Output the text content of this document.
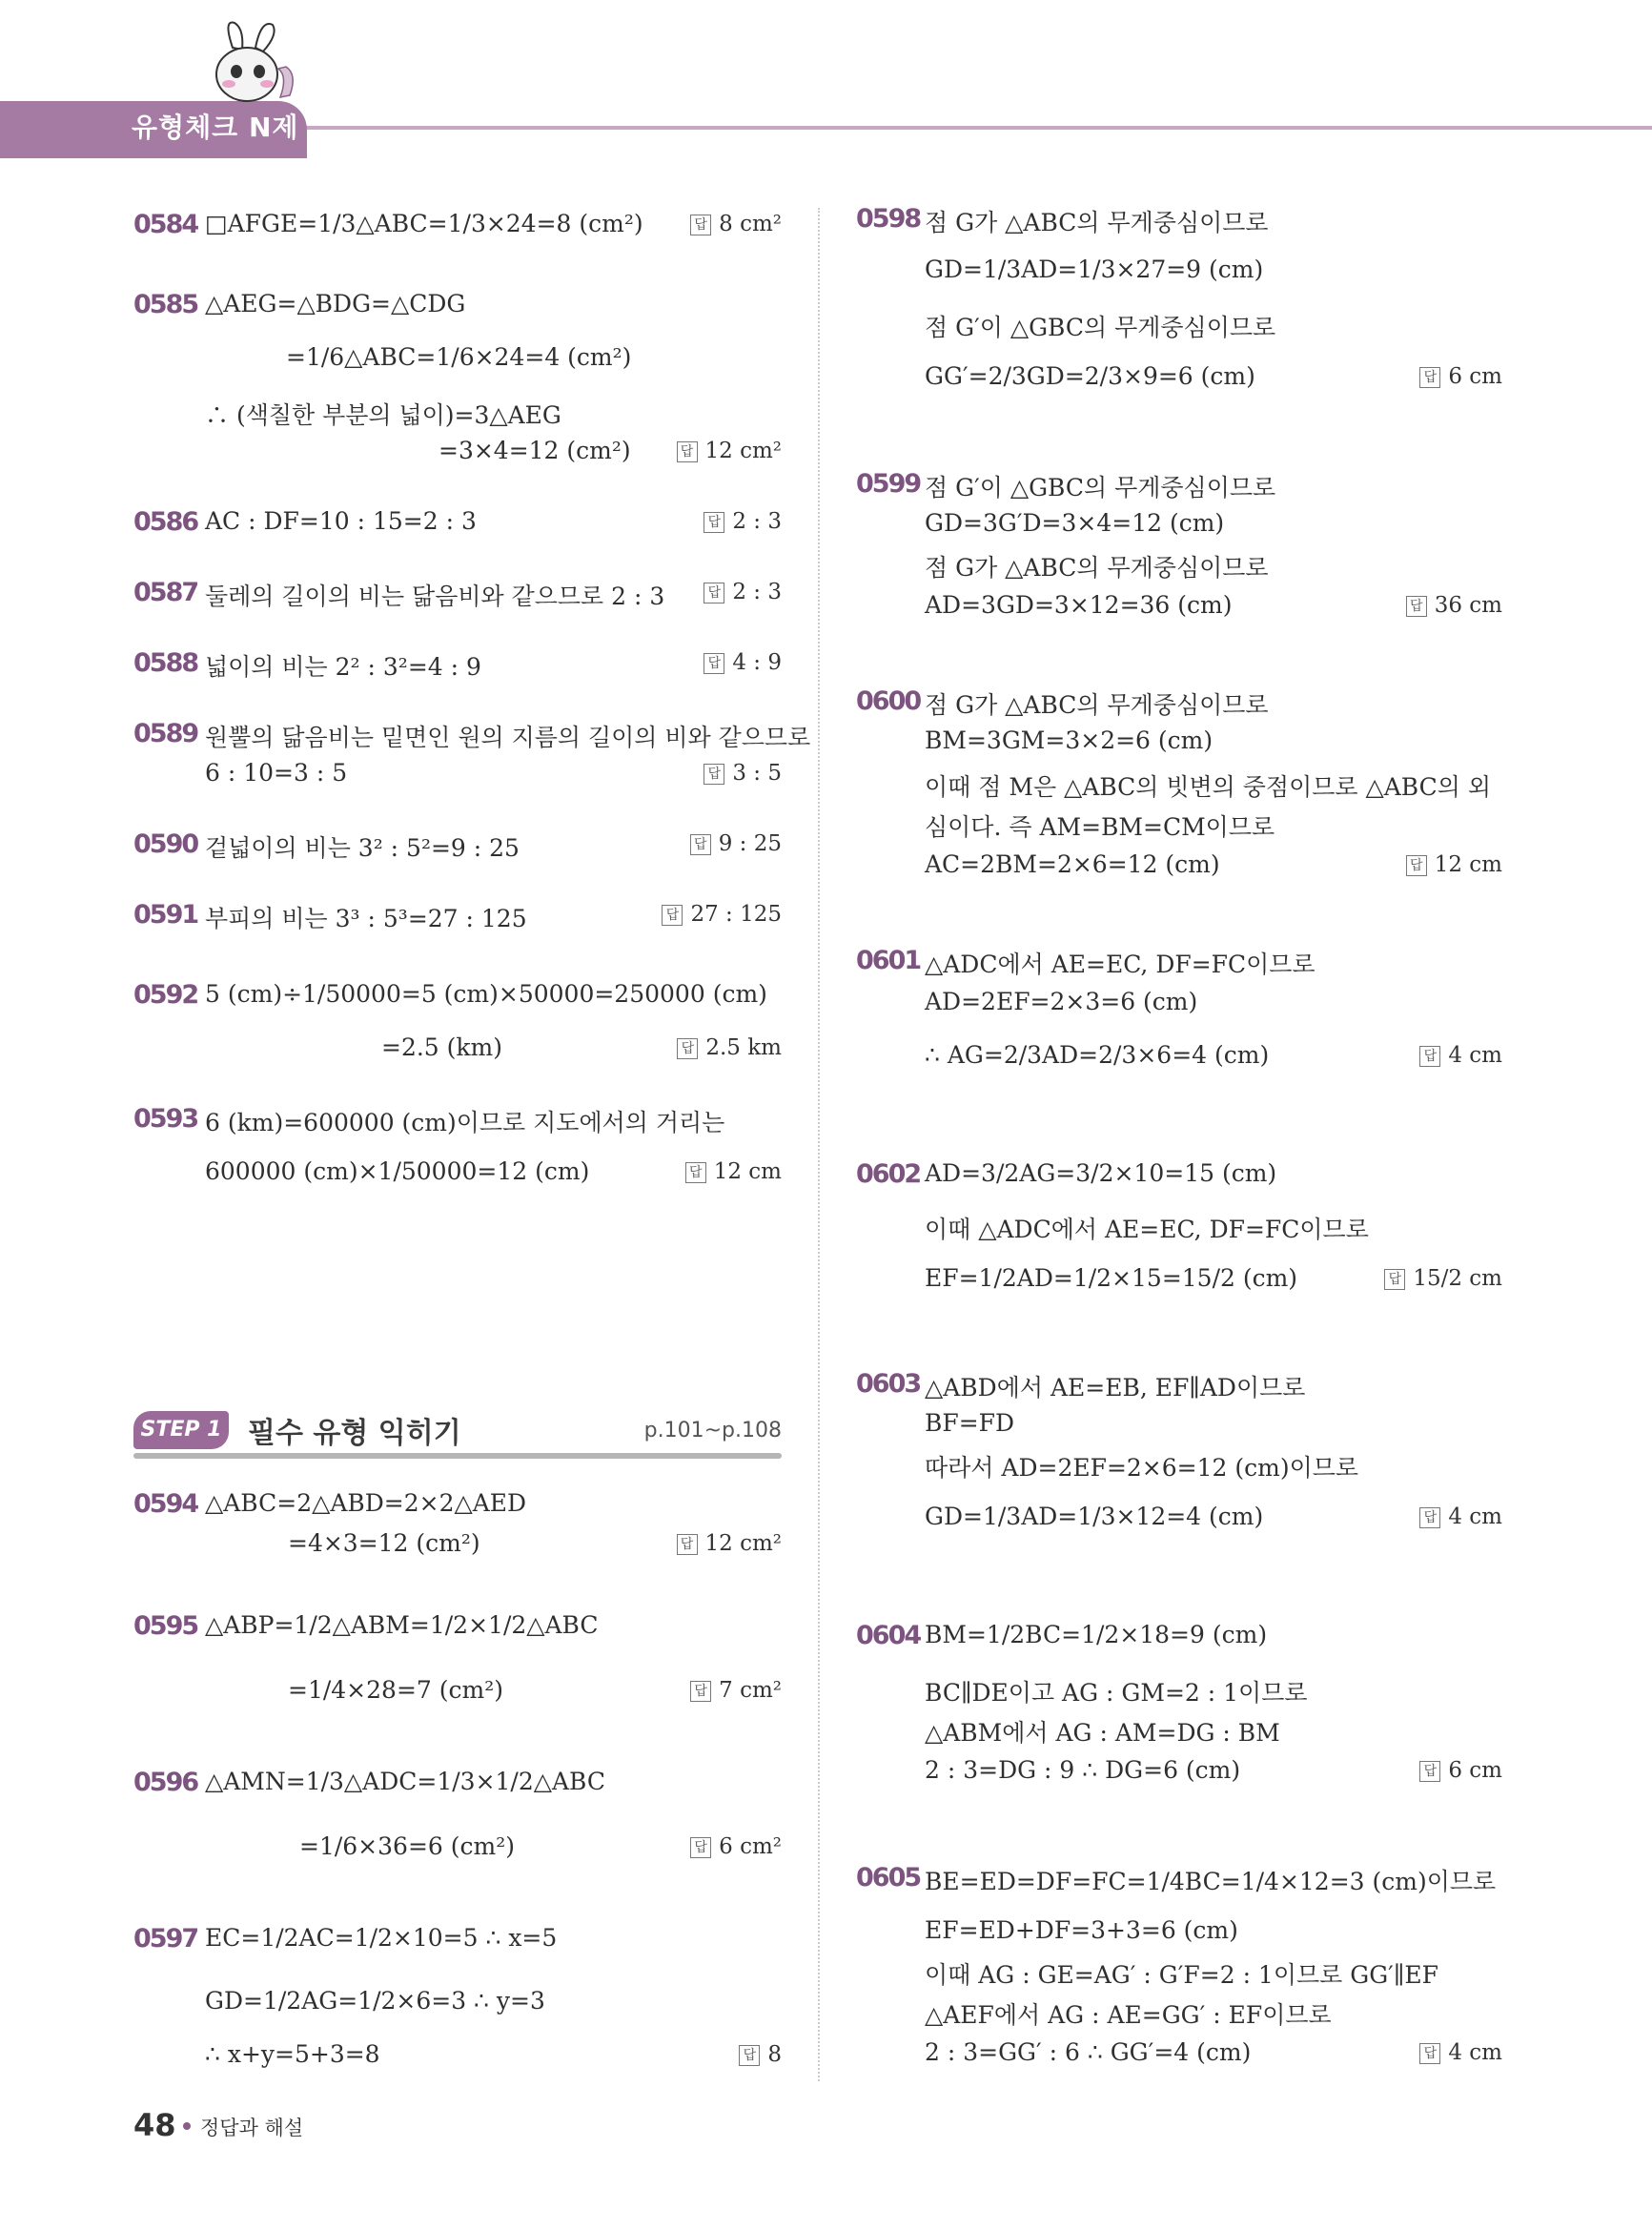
유형체크 N제
0584 □AFGE=1/3△ABC=1/3×24=8 (cm²)	답 8 cm²
0585 △AEG=△BDG=△CDG
=1/6△ABC=1/6×24=4 (cm²)
∴ (색칠한 부분의 넓이)=3△AEG
=3×4=12 (cm²)	답 12 cm²
0586 AC : DF=10 : 15=2 : 3	답 2 : 3
0587 둘레의 길이의 비는 닮음비와 같으므로 2 : 3	답 2 : 3
0588 넓이의 비는 2² : 3²=4 : 9	답 4 : 9
0589 원뿔의 닮음비는 밑면인 원의 지름의 길이의 비와 같으므로
6 : 10=3 : 5	답 3 : 5
0590 겉넓이의 비는 3² : 5²=9 : 25	답 9 : 25
0591 부피의 비는 3³ : 5³=27 : 125	답 27 : 125
0592 5 (cm)÷1/50000=5 (cm)×50000=250000 (cm)
=2.5 (km)	답 2.5 km
0593 6 (km)=600000 (cm)이므로 지도에서의 거리는
600000 (cm)×1/50000=12 (cm)	답 12 cm
0594 △ABC=2△ABD=2×2△AED
=4×3=12 (cm²)	답 12 cm²
0595 △ABP=1/2△ABM=1/2×1/2△ABC
=1/4×28=7 (cm²)	답 7 cm²
0596 △AMN=1/3△ADC=1/3×1/2△ABC
=1/6×36=6 (cm²)	답 6 cm²
0597 EC=1/2AC=1/2×10=5 ∴ x=5
GD=1/2AG=1/2×6=3 ∴ y=3
∴ x+y=5+3=8	답 8
STEP 1 필수 유형 익히기	p.101~p.108
0598 점 G가 △ABC의 무게중심이므로
GD=1/3AD=1/3×27=9 (cm)
점 G′이 △GBC의 무게중심이므로
GG′=2/3GD=2/3×9=6 (cm)	답 6 cm
0599 점 G′이 △GBC의 무게중심이므로
GD=3G′D=3×4=12 (cm)
점 G가 △ABC의 무게중심이므로
AD=3GD=3×12=36 (cm)	답 36 cm
0600 점 G가 △ABC의 무게중심이므로
BM=3GM=3×2=6 (cm)
이때 점 M은 △ABC의 빗변의 중점이므로 △ABC의 외
심이다. 즉 AM=BM=CM이므로
AC=2BM=2×6=12 (cm)	답 12 cm
0601 △ADC에서 AE=EC, DF=FC이므로
AD=2EF=2×3=6 (cm)
∴ AG=2/3AD=2/3×6=4 (cm)	답 4 cm
0602 AD=3/2AG=3/2×10=15 (cm)
이때 △ADC에서 AE=EC, DF=FC이므로
EF=1/2AD=1/2×15=15/2 (cm)	답 15/2 cm
0603 △ABD에서 AE=EB, EF∥AD이므로
BF=FD
따라서 AD=2EF=2×6=12 (cm)이므로
GD=1/3AD=1/3×12=4 (cm)	답 4 cm
0604 BM=1/2BC=1/2×18=9 (cm)
BC∥DE이고 AG : GM=2 : 1이므로
△ABM에서 AG : AM=DG : BM
2 : 3=DG : 9 ∴ DG=6 (cm)	답 6 cm
0605 BE=ED=DF=FC=1/4BC=1/4×12=3 (cm)이므로
EF=ED+DF=3+3=6 (cm)
이때 AG : GE=AG′ : G′F=2 : 1이므로 GG′∥EF
△AEF에서 AG : AE=GG′ : EF이므로
2 : 3=GG′ : 6 ∴ GG′=4 (cm)	답 4 cm
48 정답과 해설
